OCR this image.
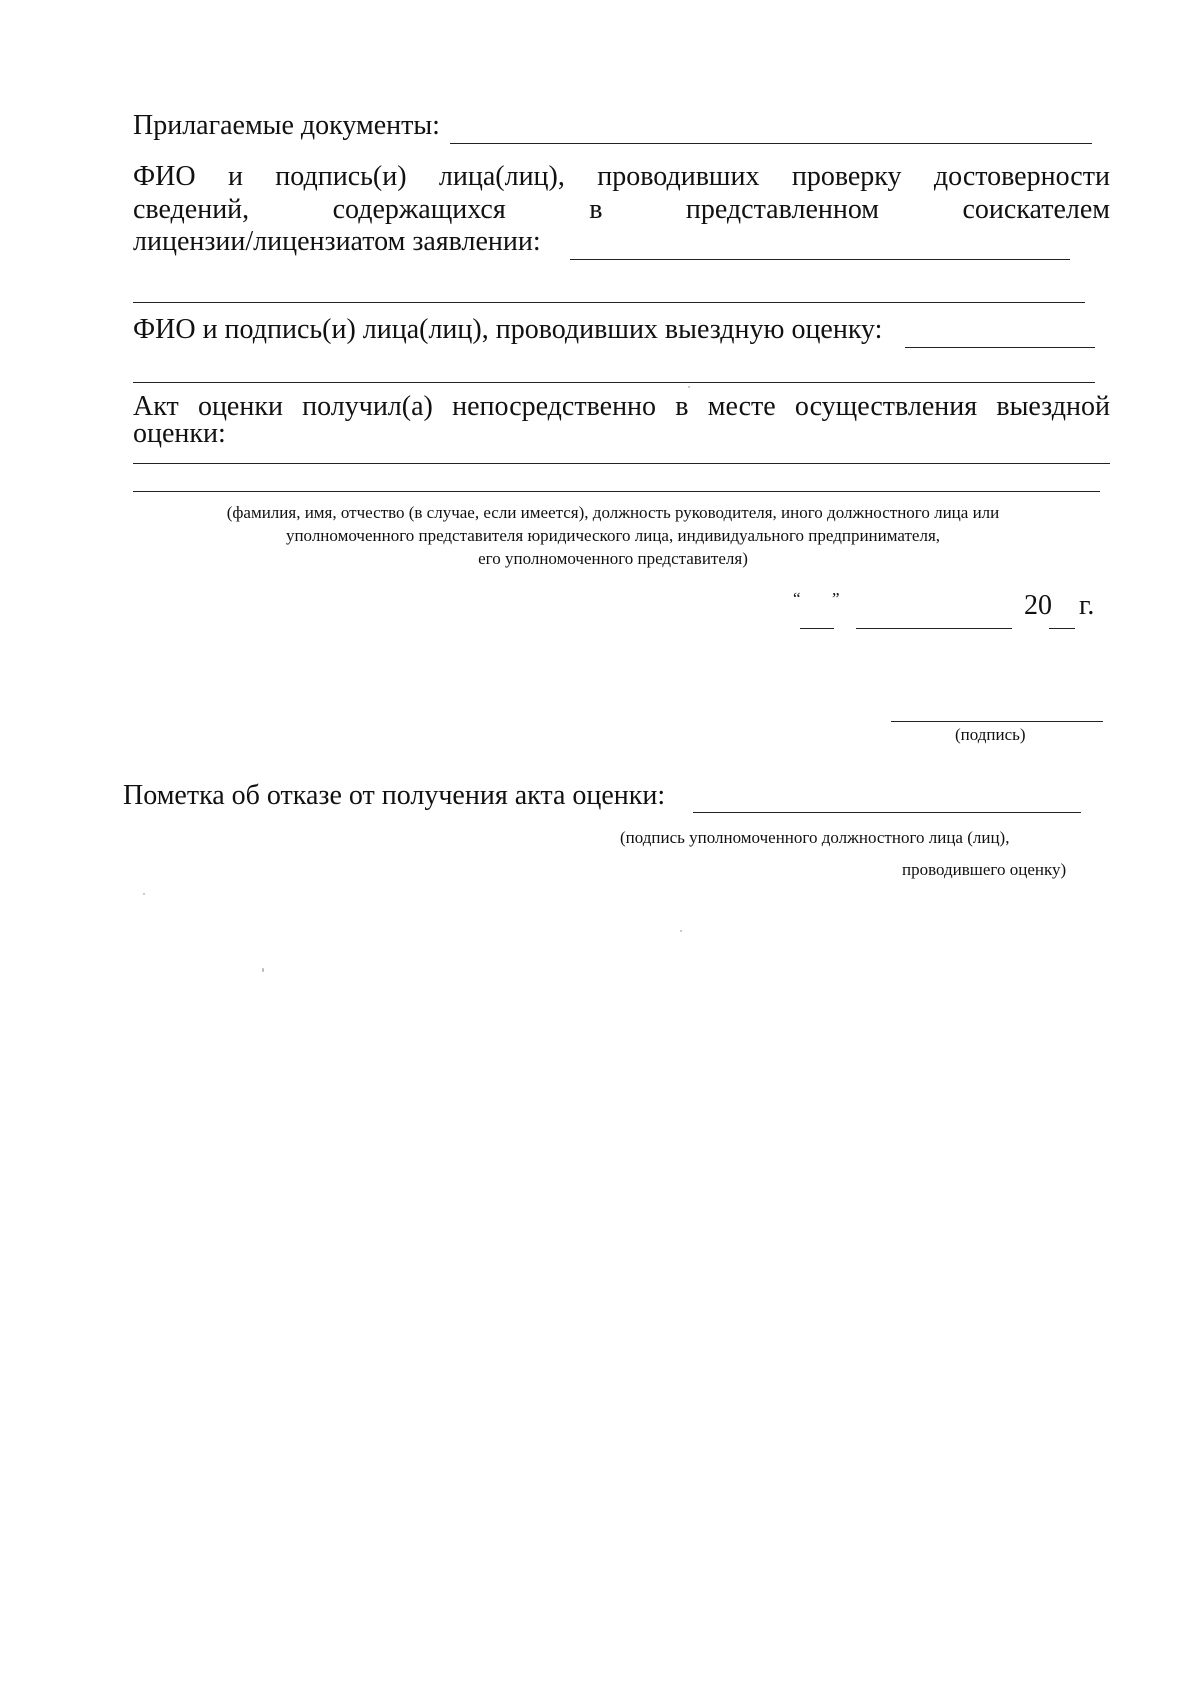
Прилагаемые документы:
ФИО и подпись(и) лица(лиц), проводивших проверку достоверности
сведений,	содержащихся	в	представленном	соискателем
лицензии/лицензиатом заявлении:
ФИО и подпись(и) лица(лиц), проводивших выездную оценку:
Акт оценки получил(а) непосредственно в месте осуществления выездной
оценки:
(фамилия, имя, отчество (в случае, если имеется), должность руководителя, иного должностного лица или
уполномоченного представителя юридического лица, индивидуального предпринимателя,
его уполномоченного представителя)
“ ”	20 г.
(подпись)
Пометка об отказе от получения акта оценки:
(подпись уполномоченного должностного лица (лиц),
проводившего оценку)
